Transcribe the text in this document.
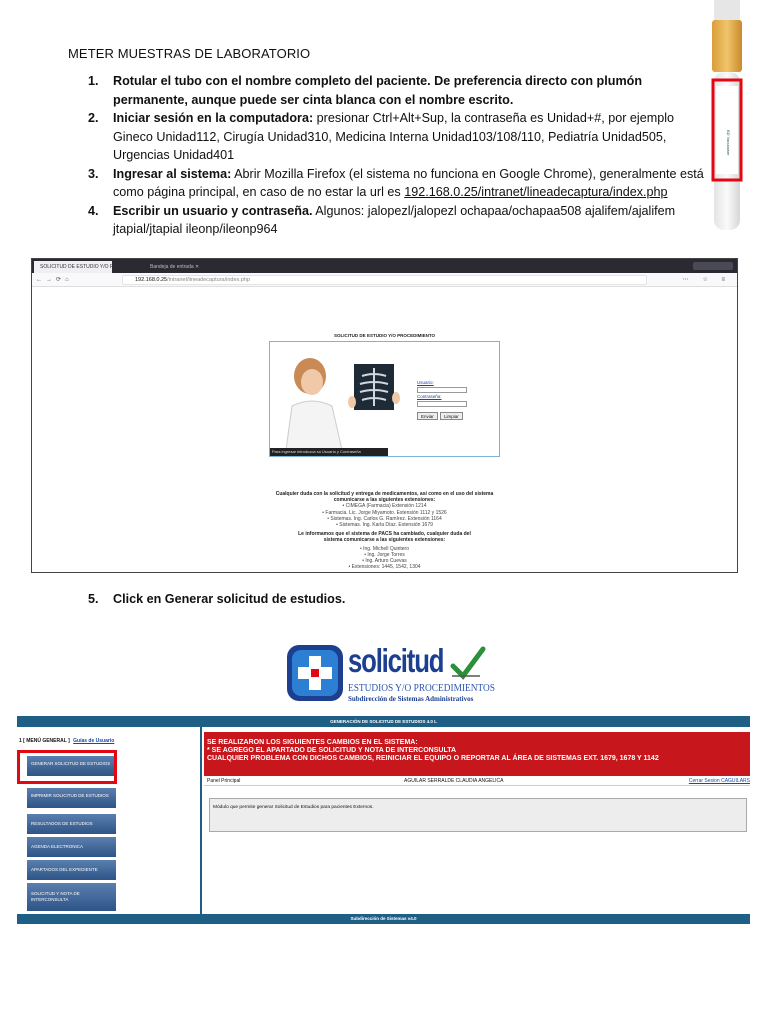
METER MUESTRAS DE LABORATORIO
1. Rotular el tubo con el nombre completo del paciente. De preferencia directo con plumón permanente, aunque puede ser cinta blanca con el nombre escrito.
2. Iniciar sesión en la computadora: presionar Ctrl+Alt+Sup, la contraseña es Unidad+#, por ejemplo Gineco Unidad112, Cirugía Unidad310, Medicina Interna Unidad103/108/110, Pediatría Unidad505, Urgencias Unidad401
3. Ingresar al sistema: Abrir Mozilla Firefox (el sistema no funciona en Google Chrome), generalmente está como página principal, en caso de no estar la url es 192.168.0.25/intranet/lineadecaptura/index.php
4. Escribir un usuario y contraseña. Algunos: jalopezl/jalopezl ochapaa/ochapaa508 ajalifem/ajalifem jtapial/jtapial ileonp/ileonp964
BD Vacutainer
SOLICITUD DE ESTUDIO Y/O P ✕	Bandeja de entrada ✕
←→⟳⌂	192.168.0.25/intranet/lineadecaptura/index.php	⋯ ☆ ≡
SOLICITUD DE ESTUDIO Y/O PROCEDIMIENTO
Usuario:
Contraseña:
Enviar	Limpiar
Para ingresar introduzca su Usuario y Contraseña
Cualquier duda con la solicitud y entrega de medicamentos, así como en el uso del sistema comunicarse a las siguientes extensiones:
• CIMEGA (Farmacia) Extensión 1214
• Farmacia. Lic. Jorge Miyamoto. Extensión 1112 y 1526
• Sistemas. Ing. Carlos G. Ramírez. Extensión 1164
• Sistemas. Ing. Karla Díaz. Extensión 1679
Le informamos que el sistema de PACS ha cambiado, cualquier duda del sistema comunicarse a las siguientes extensiones:
• Ing. Michell Quintero
• Ing. Jorge Torres
• Ing. Arturo Cuevas
• Extensiones: 1445, 1542, 1304
5. Click en Generar solicitud de estudios.
solicitud
ESTUDIOS Y/O PROCEDIMIENTOS
Subdirección de Sistemas Administrativos
GENERACIÓN DE SOLICITUD DE ESTUDIOS 4.0 L
1 [ MENÚ GENERAL ] Guías de Usuario
GENERAR SOLICITUD DE ESTUDIOS
IMPRIMIR SOLICITUD DE ESTUDIOS
RESULTADOS DE ESTUDIOS
AGENDA ELECTRONICA
APARTADOS DEL EXPEDIENTE
SOLICITUD Y NOTA DE INTERCONSULTA
SE REALIZARON LOS SIGUIENTES CAMBIOS EN EL SISTEMA:
* SE AGREGO EL APARTADO DE SOLICITUD Y NOTA DE INTERCONSULTA
CUALQUIER PROBLEMA CON DICHOS CAMBIOS, REINICIAR EL EQUIPO O REPORTAR AL ÁREA DE SISTEMAS EXT. 1679, 1678 Y 1142
Panel Principal	AGUILAR SERRALDE CLAUDIA ANGELICA	Cerrar Sesion CAGUILARS
Módulo que permite generar Solicitud de Estudios para pacientes Externos.
Subdirección de Sistemas v4.0
